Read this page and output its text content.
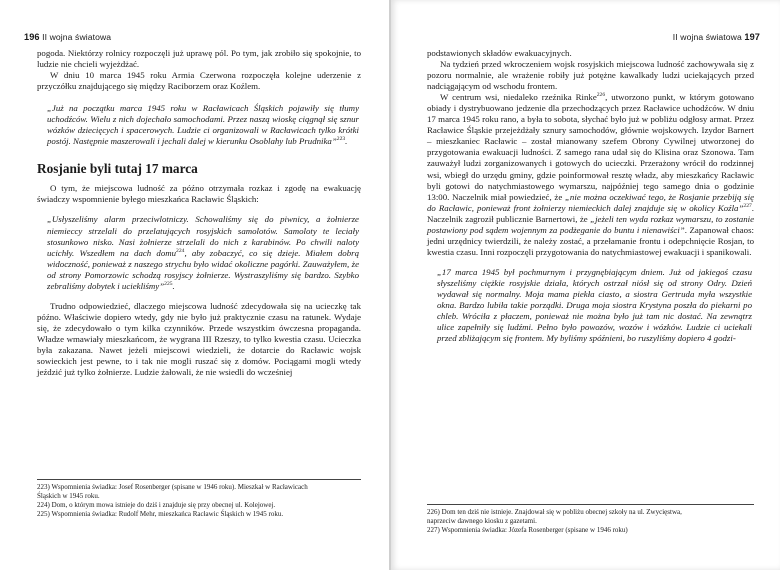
196 II wojna światowa

pogoda. Niektórzy rolnicy rozpoczęli już uprawę pól. Po tym, jak zrobiło się spokojnie, to ludzie nie chcieli wyjeżdżać.

W dniu 10 marca 1945 roku Armia Czerwona rozpoczęła kolejne uderzenie z przyczółku znajdującego się między Raciborzem oraz Koźlem.

„Już na początku marca 1945 roku w Racławicach Śląskich pojawiły się tłumy uchodźców. Wielu z nich dojechało samochodami. Przez naszą wioskę ciągnął się sznur wózków dziecięcych i spacerowych. Ludzie ci organizowali w Racławicach tylko krótki postój. Następnie maszerowali i jechali dalej w kierunku Osoblahy lub Prudnika”$^{223}$.

Rosjanie byli tutaj 17 marca

O tym, że miejscowa ludność za późno otrzymała rozkaz i zgodę na ewakuację świadczy wspomnienie byłego mieszkańca Racławic Śląskich:

„Usłyszeliśmy alarm przeciwlotniczy. Schowaliśmy się do piwnicy, a żołnierze niemieccy strzelali do przelatujących rosyjskich samolotów. Samoloty te leciały stosunkowo nisko. Nasi żołnierze strzelali do nich z karabinów. Po chwili naloty ucichły. Wszedłem na dach domu$^{224}$, aby zobaczyć, co się dzieje. Miałem dobrą widoczność, ponieważ z naszego strychu było widać okoliczne pagórki. Zauważyłem, że od strony Pomorzowic schodzą rosyjscy żołnierze. Wystraszyliśmy się bardzo. Szybko zebraliśmy dobytek i uciekliśmy”$^{225}$.

Trudno odpowiedzieć, dlaczego miejscowa ludność zdecydowała się na ucieczkę tak późno. Właściwie dopiero wtedy, gdy nie było już praktycznie czasu na ratunek. Wydaje się, że zdecydowało o tym kilka czynników. Przede wszystkim ówczesna propaganda. Władze wmawiały mieszkańcom, że wygrana III Rzeszy, to tylko kwestia czasu. Ucieczka była zakazana. Nawet jeżeli miejscowi wiedzieli, że dotarcie do Racławic wojsk sowieckich jest pewne, to i tak nie mogli ruszać się z domów. Pociągami mogli wtedy jeździć już tylko żołnierze. Ludzie żałowali, że nie wsiedli do wcześniej

223) Wspomnienia świadka: Josef Rosenberger (spisane w 1946 roku). Mieszkał w Racławicach

Śląskich w 1945 roku.

224) Dom, o którym mowa istnieje do dziś i znajduje się przy obecnej ul. Kolejowej.

225) Wspomnienia świadka: Rudolf Mehr, mieszkańca Racławic Śląskich w 1945 roku.

II wojna światowa 197

podstawionych składów ewakuacyjnych.

Na tydzień przed wkroczeniem wojsk rosyjskich miejscowa ludność zachowywała się z pozoru normalnie, ale wrażenie robiły już potężne kawalkady ludzi uciekających przed nadciągającym od wschodu frontem.

W centrum wsi, niedaleko rzeźnika Rinke$^{226}$, utworzono punkt, w którym gotowano obiady i dystrybuowano jedzenie dla przechodzących przez Racławice uchodźców. W dniu 17 marca 1945 roku rano, a była to sobota, słychać było już w pobliżu odgłosy armat. Przez Racławice Śląskie przejeżdżały sznury samochodów, głównie wojskowych. Izydor Barnert – mieszkaniec Racławic – został mianowany szefem Obrony Cywilnej utworzonej do przygotowania ewakuacji ludności. Z samego rana udał się do Klisina oraz Szonowa. Tam zauważył ludzi zorganizowanych i gotowych do ucieczki. Przerażony wrócił do rodzinnej wsi, wbiegł do urzędu gminy, gdzie poinformował resztę władz, aby mieszkańcy Racławic byli gotowi do natychmiastowego wymarszu, najpóźniej tego samego dnia o godzinie 13:00. Naczelnik miał powiedzieć, że „nie można oczekiwać tego, że Rosjanie przebiją się do Racławic, ponieważ front żołnierzy niemieckich dalej znajduje się w okolicy Koźla”$^{227}$. Naczelnik zagroził publicznie Barnertowi, że „jeżeli ten wyda rozkaz wymarszu, to zostanie postawiony pod sądem wojennym za podżeganie do buntu i nienawiści”. Zapanował chaos: jedni urzędnicy twierdzili, że należy zostać, a przełamanie frontu i odepchnięcie Rosjan, to kwestia czasu. Inni rozpoczęli przygotowania do natychmiastowej ewakuacji i spanikowali.

„17 marca 1945 był pochmurnym i przygnębiającym dniem. Już od jakiegoś czasu słyszeliśmy ciężkie rosyjskie działa, których ostrzał niósł się od strony Odry. Dzień wydawał się normalny. Moja mama piekła ciasto, a siostra Gertruda myła wszystkie okna. Bardzo lubiła takie porządki. Druga moja siostra Krystyna poszła do piekarni po chleb. Wróciła z płaczem, ponieważ nie można było już tam nic dostać. Na zewnątrz ulice zapełniły się ludźmi. Pełno było powozów, wozów i wózków. Ludzie ci uciekali przed zbliżającym się frontem. My byliśmy spóźnieni, bo ruszyliśmy dopiero 4 godzi-

226) Dom ten dziś nie istnieje. Znajdował się w pobliżu obecnej szkoły na ul. Zwycięstwa,

naprzeciw dawnego kiosku z gazetami.

227) Wspomnienia świadka: Józefa Rosenberger (spisane w 1946 roku)
